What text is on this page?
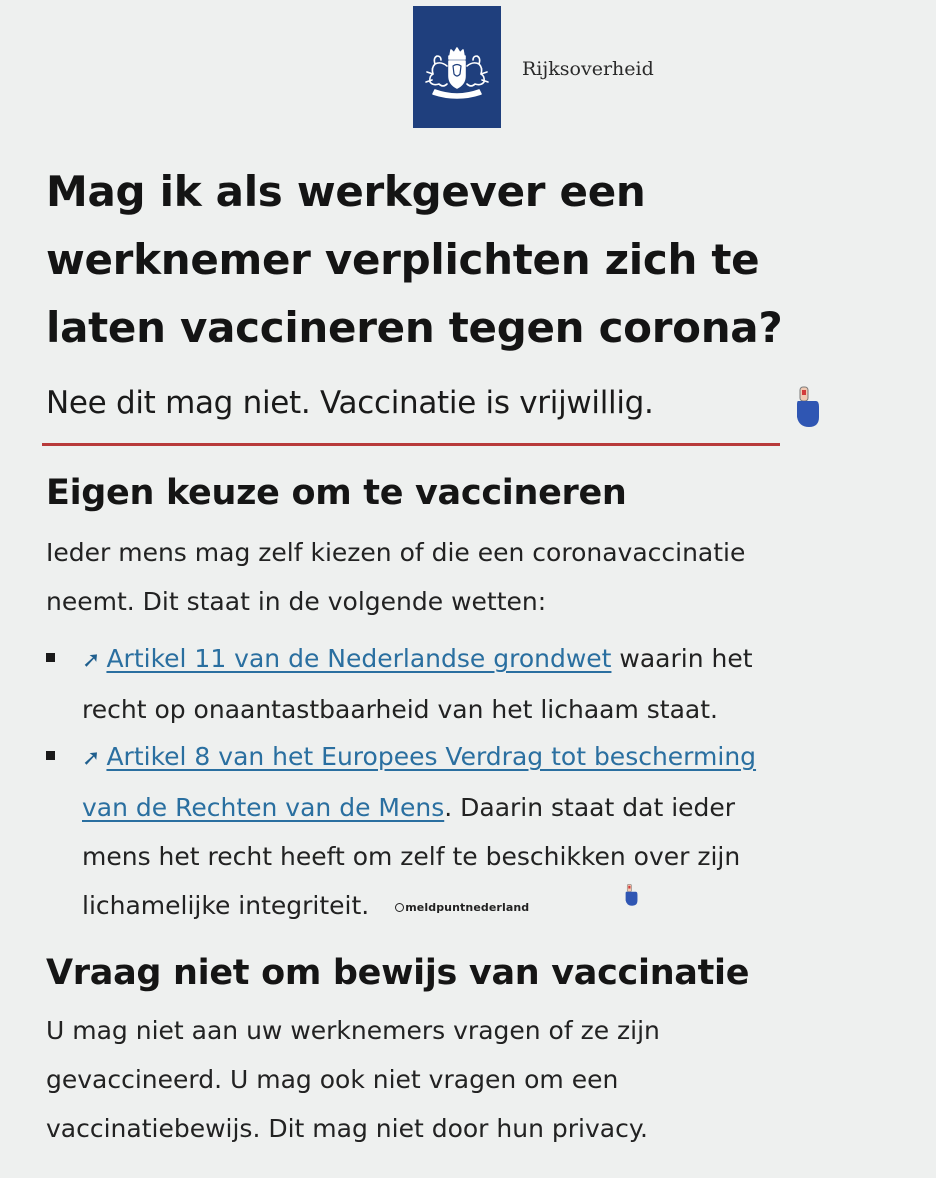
Rijksoverheid
Mag ik als werkgever een
werknemer verplichten zich te
laten vaccineren tegen corona?
Nee dit mag niet. Vaccinatie is vrijwillig.
Eigen keuze om te vaccineren

Ieder mens mag zelf kiezen of die een coronavaccinatie
neemt. Dit staat in de volgende wetten:

➚ Artikel 11 van de Nederlandse grondwet waarin het
recht op onaantastbaarheid van het lichaam staat.

➚ Artikel 8 van het Europees Verdrag tot bescherming
van de Rechten van de Mens. Daarin staat dat ieder
mens het recht heeft om zelf te beschikken over zijn
lichamelijke integriteit.	meldpuntnederland

Vraag niet om bewijs van vaccinatie

U mag niet aan uw werknemers vragen of ze zijn
gevaccineerd. U mag ook niet vragen om een
vaccinatiebewijs. Dit mag niet door hun privacy.
